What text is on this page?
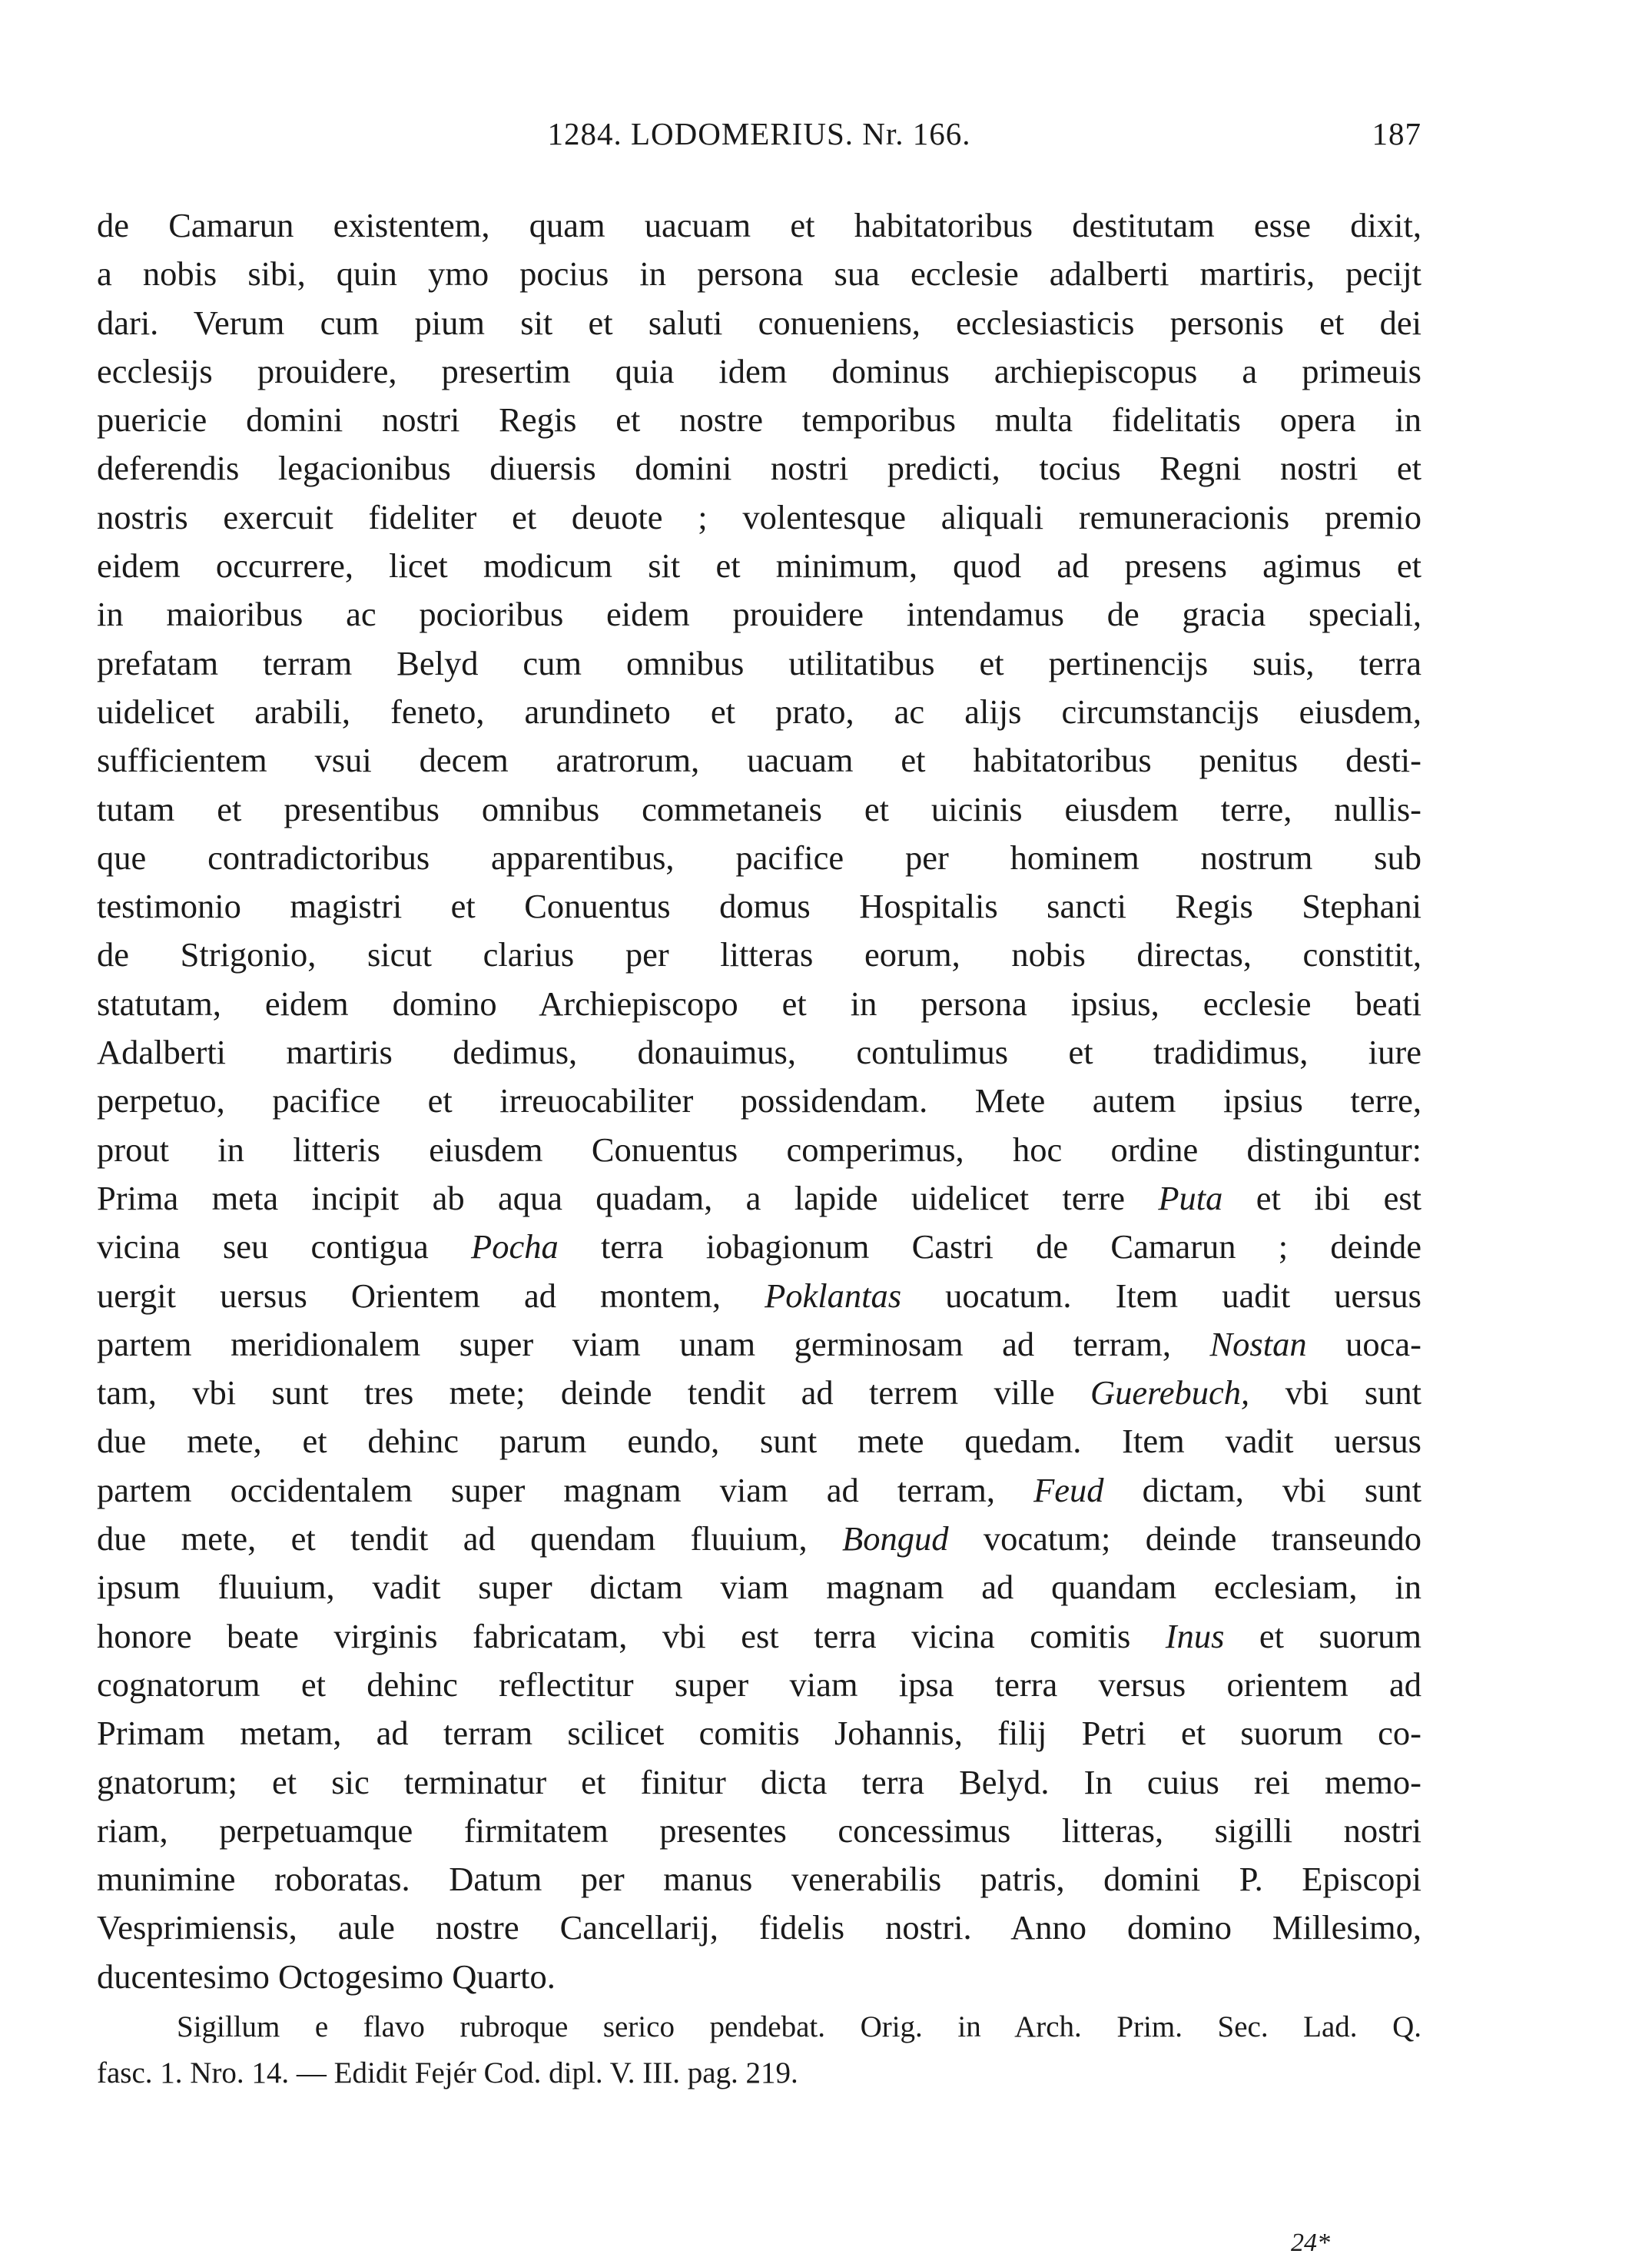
1284. LODOMERIUS. Nr. 166.	187
de Camarun existentem, quam uacuam et habitatoribus destitutam esse dixit,
a nobis sibi, quin ymo pocius in persona sua ecclesie adalberti martiris, pecijt
dari. Verum cum pium sit et saluti conueniens, ecclesiasticis personis et dei
ecclesijs prouidere, presertim quia idem dominus archiepiscopus a primeuis
puericie domini nostri Regis et nostre temporibus multa fidelitatis opera in
deferendis legacionibus diuersis domini nostri predicti, tocius Regni nostri et
nostris exercuit fideliter et deuote ; volentesque aliquali remuneracionis premio
eidem occurrere, licet modicum sit et minimum, quod ad presens agimus et
in maioribus ac pocioribus eidem prouidere intendamus de gracia speciali,
prefatam terram Belyd cum omnibus utilitatibus et pertinencijs suis, terra
uidelicet arabili, feneto, arundineto et prato, ac alijs circumstancijs eiusdem,
sufficientem vsui decem aratrorum, uacuam et habitatoribus penitus desti-
tutam et presentibus omnibus commetaneis et uicinis eiusdem terre, nullis-
que contradictoribus apparentibus, pacifice per hominem nostrum sub
testimonio magistri et Conuentus domus Hospitalis sancti Regis Stephani
de Strigonio, sicut clarius per litteras eorum, nobis directas, constitit,
statutam, eidem domino Archiepiscopo et in persona ipsius, ecclesie beati
Adalberti martiris dedimus, donauimus, contulimus et tradidimus, iure
perpetuo, pacifice et irreuocabiliter possidendam. Mete autem ipsius terre,
prout in litteris eiusdem Conuentus comperimus, hoc ordine distinguntur:
Prima meta incipit ab aqua quadam, a lapide uidelicet terre Puta et ibi est
vicina seu contigua Pocha terra iobagionum Castri de Camarun ; deinde
uergit uersus Orientem ad montem, Poklantas uocatum. Item uadit uersus
partem meridionalem super viam unam germinosam ad terram, Nostan uoca-
tam, vbi sunt tres mete; deinde tendit ad terrem ville Guerebuch, vbi sunt
due mete, et dehinc parum eundo, sunt mete quedam. Item vadit uersus
partem occidentalem super magnam viam ad terram, Feud dictam, vbi sunt
due mete, et tendit ad quendam fluuium, Bongud vocatum; deinde transeundo
ipsum fluuium, vadit super dictam viam magnam ad quandam ecclesiam, in
honore beate virginis fabricatam, vbi est terra vicina comitis Inus et suorum
cognatorum et dehinc reflectitur super viam ipsa terra versus orientem ad
Primam metam, ad terram scilicet comitis Johannis, filij Petri et suorum co-
gnatorum; et sic terminatur et finitur dicta terra Belyd. In cuius rei memo-
riam, perpetuamque firmitatem presentes concessimus litteras, sigilli nostri
munimine roboratas. Datum per manus venerabilis patris, domini P. Episcopi
Vesprimiensis, aule nostre Cancellarij, fidelis nostri. Anno domino Millesimo,
ducentesimo Octogesimo Quarto.
Sigillum e flavo rubroque serico pendebat. Orig. in Arch. Prim. Sec. Lad. Q.
fasc. 1. Nro. 14. — Edidit Fejér Cod. dipl. V. III. pag. 219.
24*
